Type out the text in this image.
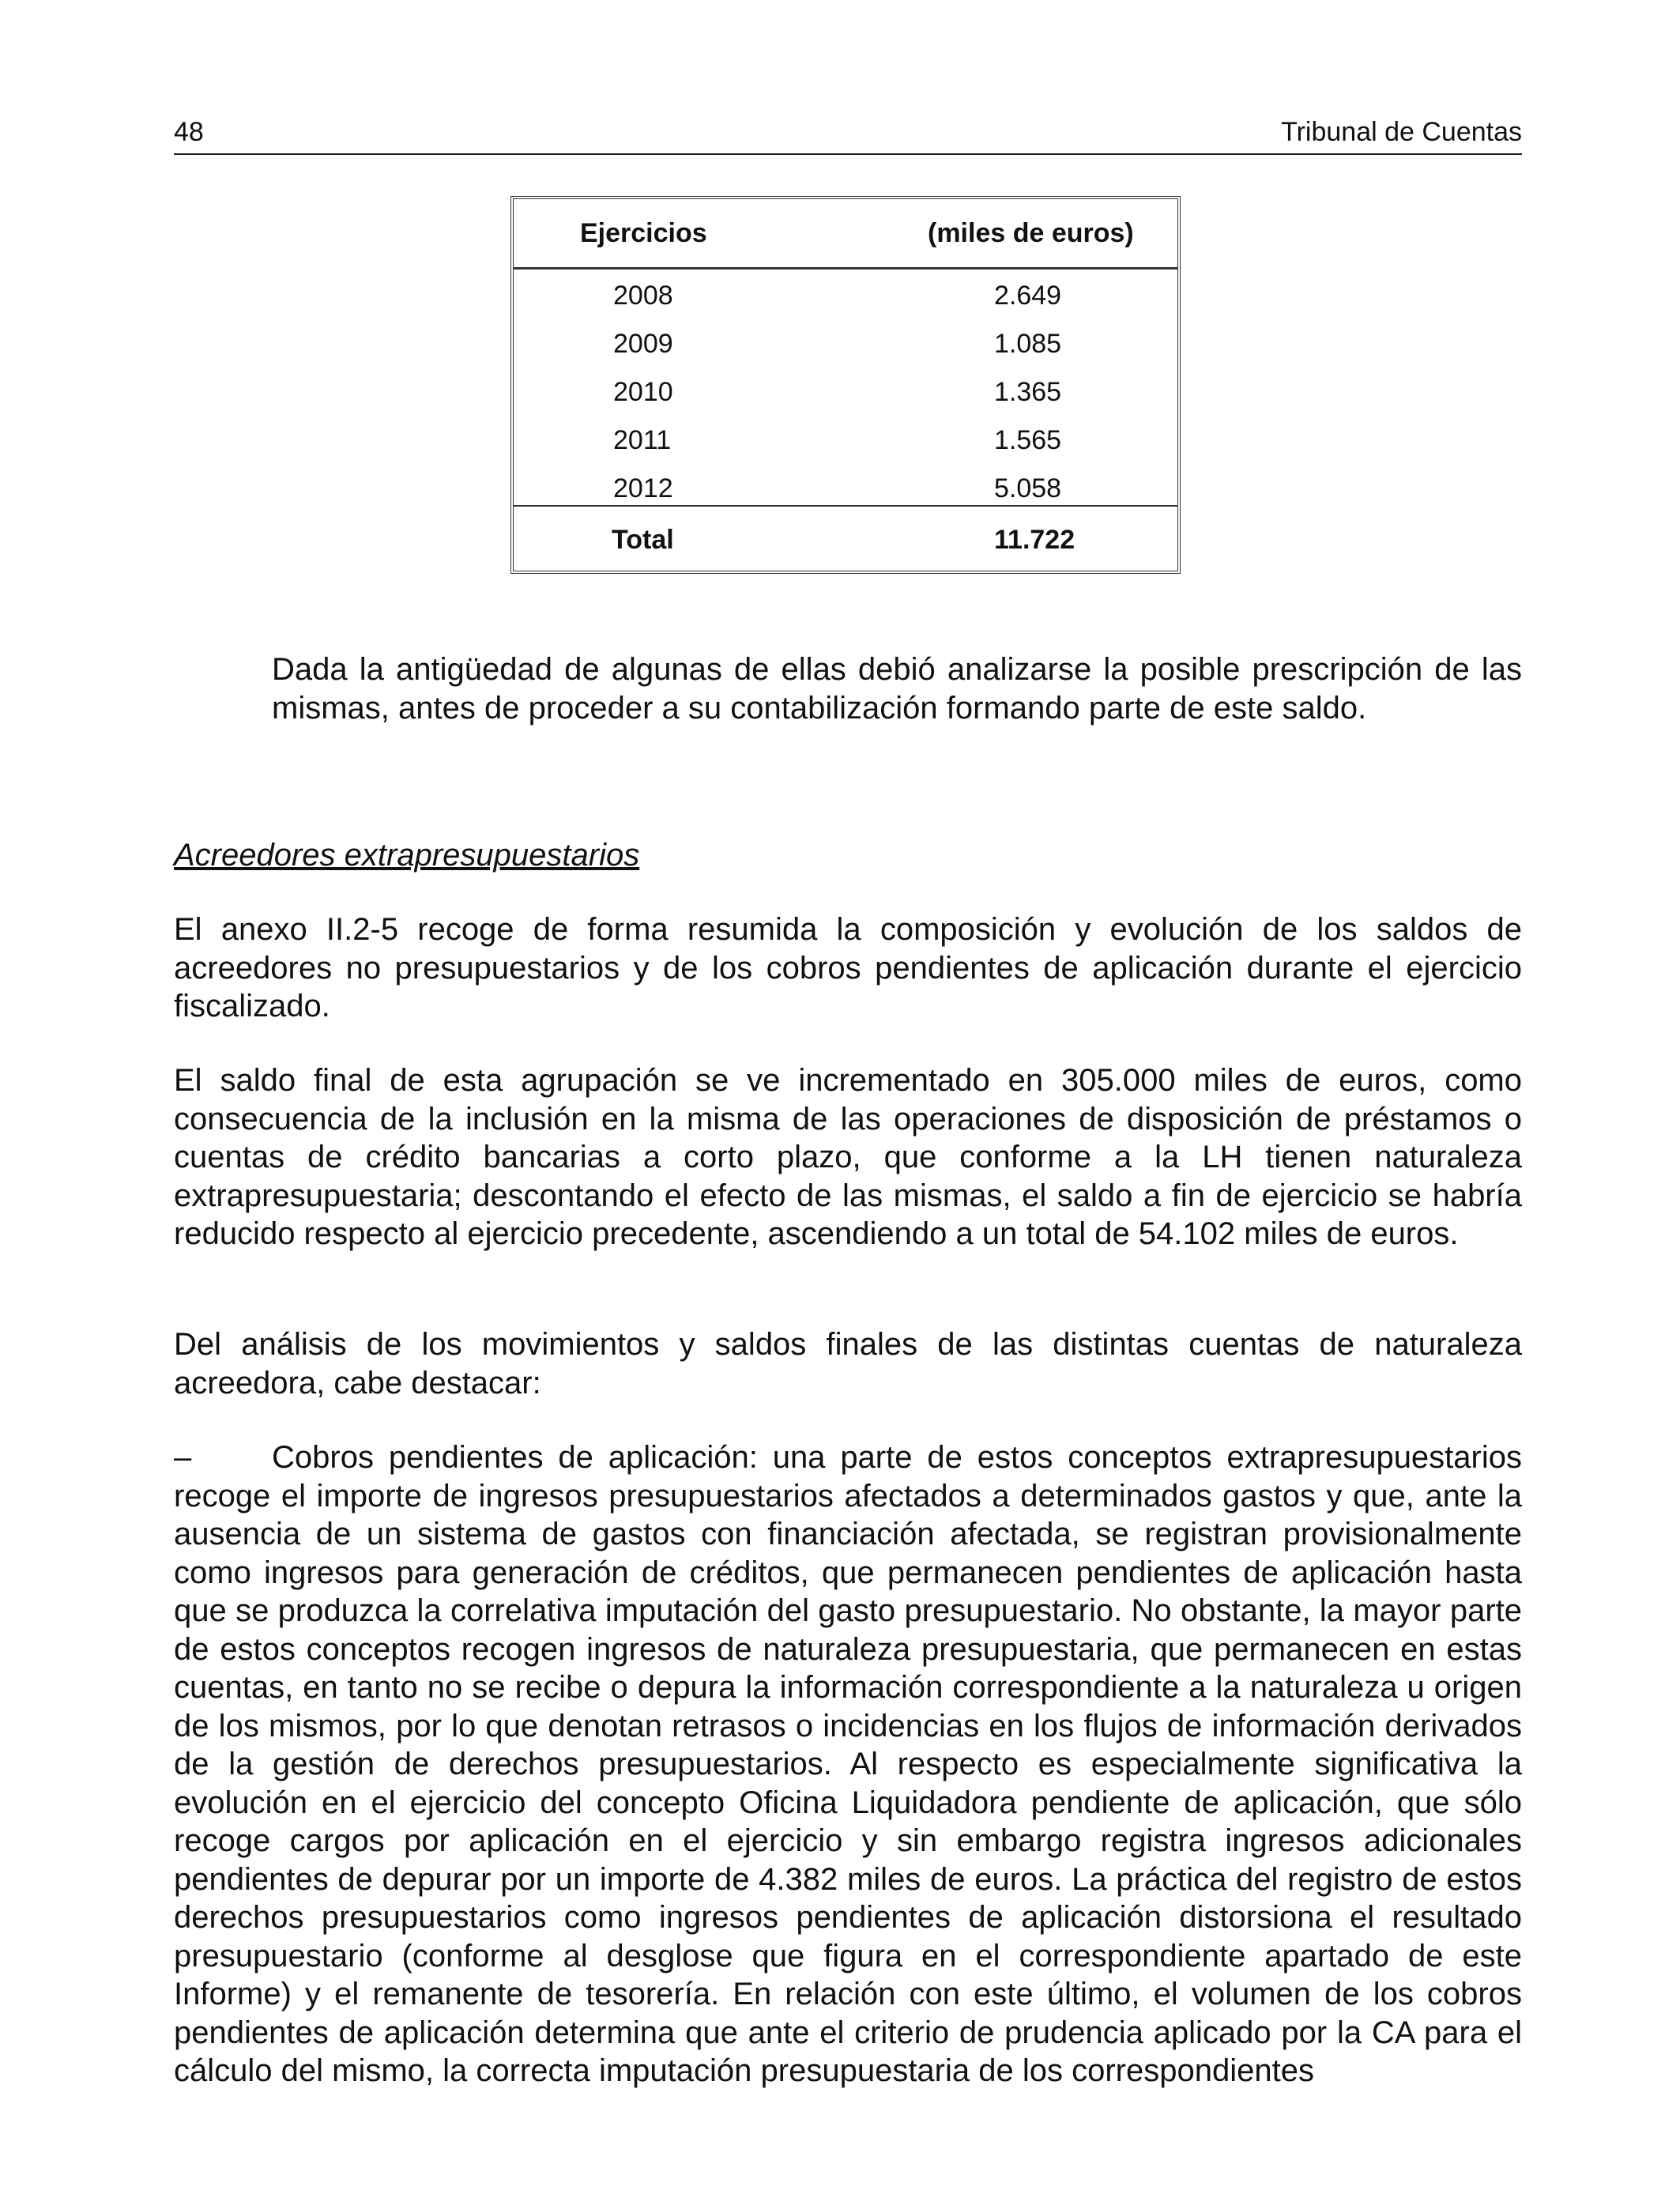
48	Tribunal de Cuentas
Ejercicios	(miles de euros)
2008	2.649
2009	1.085
2010	1.365
2011	1.565
2012	5.058
Total	11.722

Dada la antigüedad de algunas de ellas debió analizarse la posible prescripción de las mismas, antes de proceder a su contabilización formando parte de este saldo.

Acreedores extrapresupuestarios

El anexo II.2-5 recoge de forma resumida la composición y evolución de los saldos de acreedores no presupuestarios y de los cobros pendientes de aplicación durante el ejercicio fiscalizado.

El saldo final de esta agrupación se ve incrementado en 305.000 miles de euros, como consecuencia de la inclusión en la misma de las operaciones de disposición de préstamos o cuentas de crédito bancarias a corto plazo, que conforme a la LH tienen naturaleza extrapresupuestaria; descontando el efecto de las mismas, el saldo a fin de ejercicio se habría reducido respecto al ejercicio precedente, ascendiendo a un total de 54.102 miles de euros.

Del análisis de los movimientos y saldos finales de las distintas cuentas de naturaleza acreedora, cabe destacar:

–	Cobros pendientes de aplicación: una parte de estos conceptos extrapresupuestarios recoge el importe de ingresos presupuestarios afectados a determinados gastos y que, ante la ausencia de un sistema de gastos con financiación afectada, se registran provisionalmente como ingresos para generación de créditos, que permanecen pendientes de aplicación hasta que se produzca la correlativa imputación del gasto presupuestario. No obstante, la mayor parte de estos conceptos recogen ingresos de naturaleza presupuestaria, que permanecen en estas cuentas, en tanto no se recibe o depura la información correspondiente a la naturaleza u origen de los mismos, por lo que denotan retrasos o incidencias en los flujos de información derivados de la gestión de derechos presupuestarios. Al respecto es especialmente significativa la evolución en el ejercicio del concepto Oficina Liquidadora pendiente de aplicación, que sólo recoge cargos por aplicación en el ejercicio y sin embargo registra ingresos adicionales pendientes de depurar por un importe de 4.382 miles de euros. La práctica del registro de estos derechos presupuestarios como ingresos pendientes de aplicación distorsiona el resultado presupuestario (conforme al desglose que figura en el correspondiente apartado de este Informe) y el remanente de tesorería. En relación con este último, el volumen de los cobros pendientes de aplicación determina que ante el criterio de prudencia aplicado por la CA para el cálculo del mismo, la correcta imputación presupuestaria de los correspondientes
